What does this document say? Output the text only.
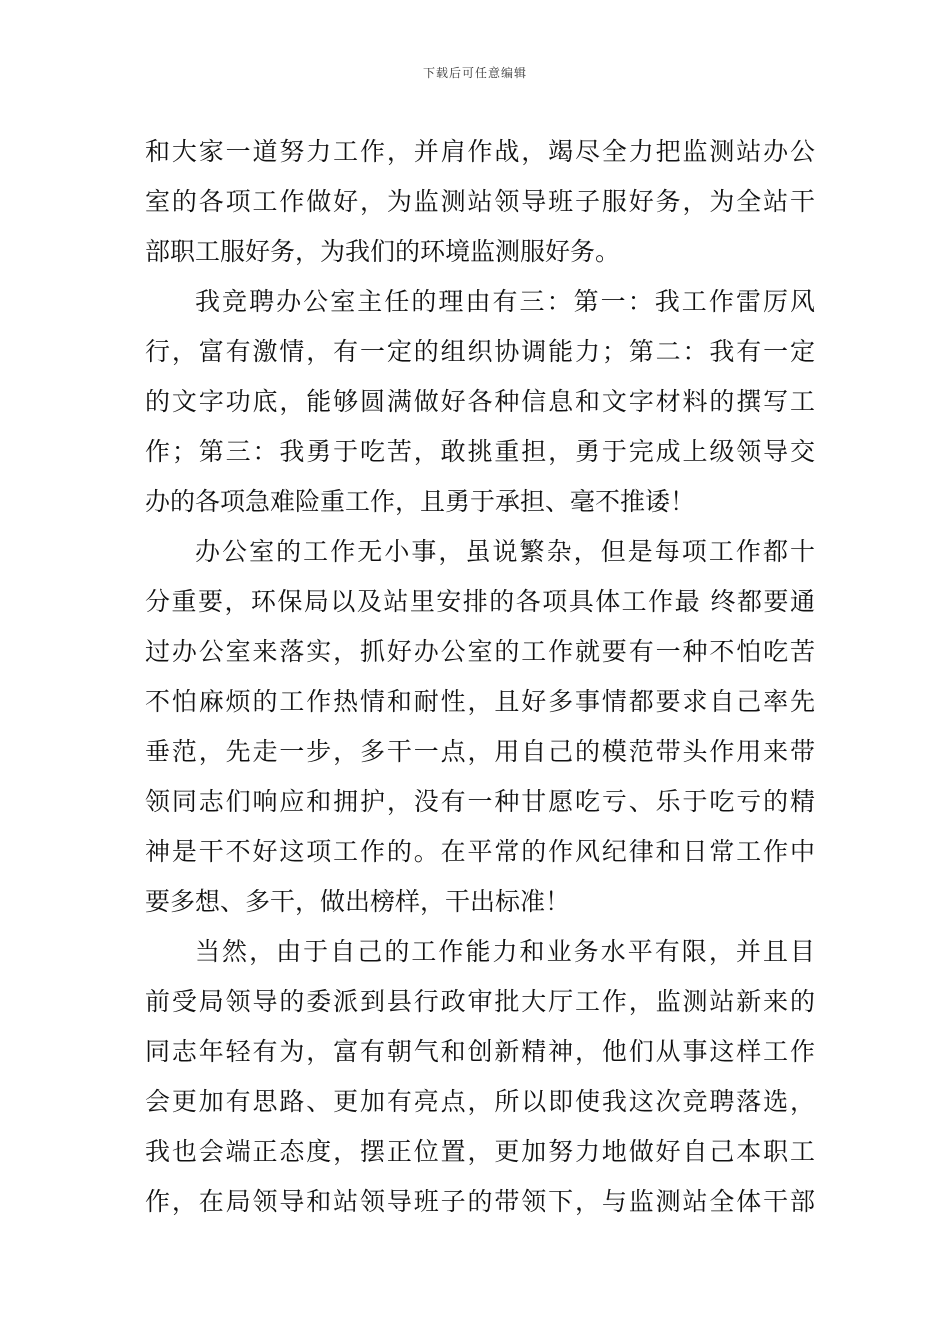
下载后可任意编辑
和大家一道努力工作，并肩作战，竭尽全力把监测站办公
室的各项工作做好，为监测站领导班子服好务，为全站干
部职工服好务，为我们的环境监测服好务。
我竞聘办公室主任的理由有三：第一：我工作雷厉风
行，富有激情，有一定的组织协调能力；第二：我有一定
的文字功底，能够圆满做好各种信息和文字材料的撰写工
作；第三：我勇于吃苦，敢挑重担，勇于完成上级领导交
办的各项急难险重工作，且勇于承担、毫不推诿！
办公室的工作无小事，虽说繁杂，但是每项工作都十
分重要，环保局以及站里安排的各项具体工作最 终都要通
过办公室来落实，抓好办公室的工作就要有一种不怕吃苦
不怕麻烦的工作热情和耐性，且好多事情都要求自己率先
垂范，先走一步，多干一点，用自己的模范带头作用来带
领同志们响应和拥护，没有一种甘愿吃亏、乐于吃亏的精
神是干不好这项工作的。在平常的作风纪律和日常工作中
要多想、多干，做出榜样，干出标准！
当然，由于自己的工作能力和业务水平有限，并且目
前受局领导的委派到县行政审批大厅工作，监测站新来的
同志年轻有为，富有朝气和创新精神，他们从事这样工作
会更加有思路、更加有亮点，所以即使我这次竞聘落选，
我也会端正态度，摆正位置，更加努力地做好自己本职工
作，在局领导和站领导班子的带领下，与监测站全体干部
